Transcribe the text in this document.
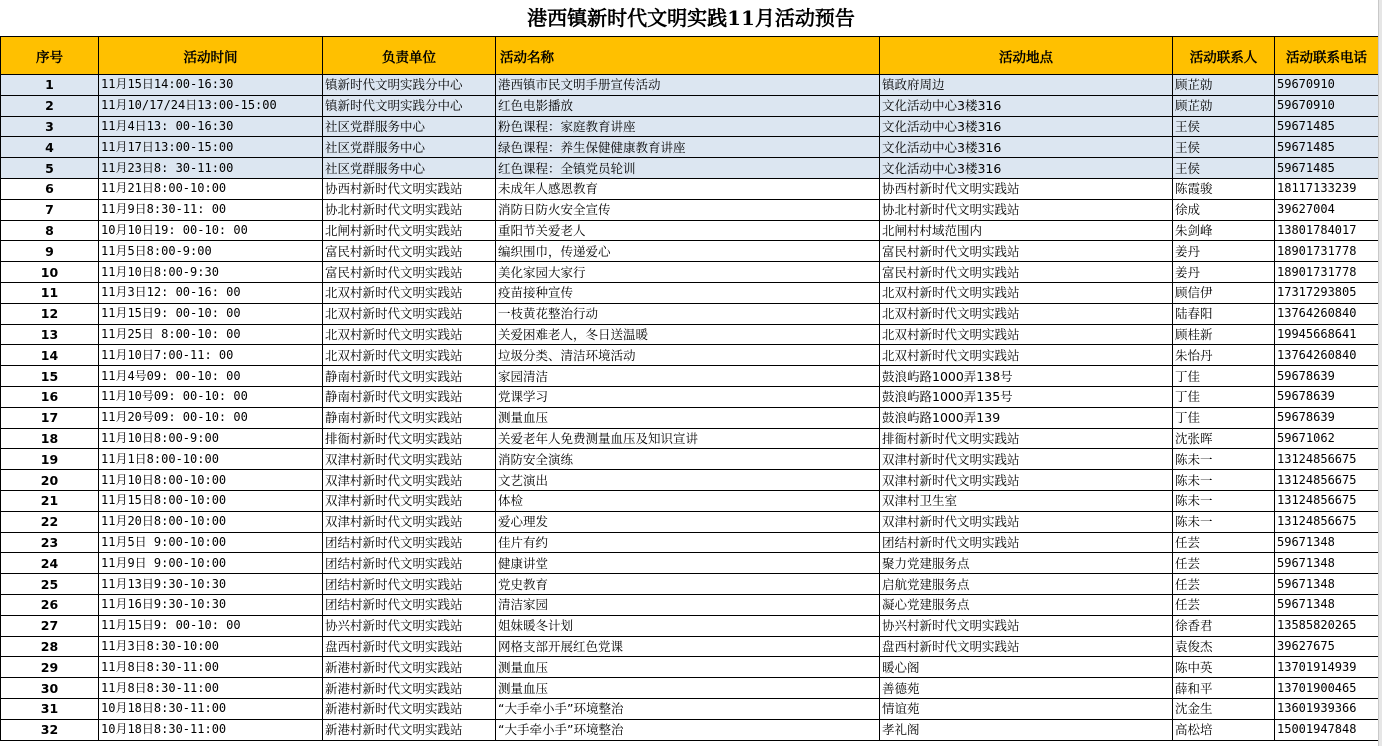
港西镇新时代文明实践11月活动预告
序号	活动时间	负责单位	活动名称	活动地点	活动联系人	活动联系电话
1	11月15日14:00-16:30	镇新时代文明实践分中心	港西镇市民文明手册宣传活动	镇政府周边	顾芷勍	59670910
2	11月10/17/24日13:00-15:00	镇新时代文明实践分中心	红色电影播放	文化活动中心3楼316	顾芷勍	59670910
3	11月4日13: 00-16:30	社区党群服务中心	粉色课程：家庭教育讲座	文化活动中心3楼316	王侯	59671485
4	11月17日13:00-15:00	社区党群服务中心	绿色课程：养生保健健康教育讲座	文化活动中心3楼316	王侯	59671485
5	11月23日8: 30-11:00	社区党群服务中心	红色课程：全镇党员轮训	文化活动中心3楼316	王侯	59671485
6	11月21日8:00-10:00	协西村新时代文明实践站	未成年人感恩教育	协西村新时代文明实践站	陈霞骏	18117133239
7	11月9日8:30-11: 00	协北村新时代文明实践站	消防日防火安全宣传	协北村新时代文明实践站	徐成	39627004
8	10月10日19: 00-10: 00	北闸村新时代文明实践站	重阳节关爱老人	北闸村村域范围内	朱剑峰	13801784017
9	11月5日8:00-9:00	富民村新时代文明实践站	编织围巾，传递爱心	富民村新时代文明实践站	姜丹	18901731778
10	11月10日8:00-9:30	富民村新时代文明实践站	美化家园大家行	富民村新时代文明实践站	姜丹	18901731778
11	11月3日12: 00-16: 00	北双村新时代文明实践站	疫苗接种宣传	北双村新时代文明实践站	顾信伊	17317293805
12	11月15日9: 00-10: 00	北双村新时代文明实践站	一枝黄花整治行动	北双村新时代文明实践站	陆春阳	13764260840
13	11月25日 8:00-10: 00	北双村新时代文明实践站	关爱困难老人，冬日送温暖	北双村新时代文明实践站	顾桂新	19945668641
14	11月10日7:00-11: 00	北双村新时代文明实践站	垃圾分类、清洁环境活动	北双村新时代文明实践站	朱怡丹	13764260840
15	11月4号09: 00-10: 00	静南村新时代文明实践站	家园清洁	鼓浪屿路1000弄138号	丁佳	59678639
16	11月10号09: 00-10: 00	静南村新时代文明实践站	党课学习	鼓浪屿路1000弄135号	丁佳	59678639
17	11月20号09: 00-10: 00	静南村新时代文明实践站	测量血压	鼓浪屿路1000弄139	丁佳	59678639
18	11月10日8:00-9:00	排衙村新时代文明实践站	关爱老年人免费测量血压及知识宣讲	排衙村新时代文明实践站	沈张晖	59671062
19	11月1日8:00-10:00	双津村新时代文明实践站	消防安全演练	双津村新时代文明实践站	陈未一	13124856675
20	11月10日8:00-10:00	双津村新时代文明实践站	文艺演出	双津村新时代文明实践站	陈未一	13124856675
21	11月15日8:00-10:00	双津村新时代文明实践站	体检	双津村卫生室	陈未一	13124856675
22	11月20日8:00-10:00	双津村新时代文明实践站	爱心理发	双津村新时代文明实践站	陈未一	13124856675
23	11月5日 9:00-10:00	团结村新时代文明实践站	佳片有约	团结村新时代文明实践站	任芸	59671348
24	11月9日 9:00-10:00	团结村新时代文明实践站	健康讲堂	聚力党建服务点	任芸	59671348
25	11月13日9:30-10:30	团结村新时代文明实践站	党史教育	启航党建服务点	任芸	59671348
26	11月16日9:30-10:30	团结村新时代文明实践站	清洁家园	凝心党建服务点	任芸	59671348
27	11月15日9: 00-10: 00	协兴村新时代文明实践站	姐妹暖冬计划	协兴村新时代文明实践站	徐香君	13585820265
28	11月3日8:30-10:00	盘西村新时代文明实践站	网格支部开展红色党课	盘西村新时代文明实践站	袁俊杰	39627675
29	11月8日8:30-11:00	新港村新时代文明实践站	测量血压	暖心阁	陈中英	13701914939
30	11月8日8:30-11:00	新港村新时代文明实践站	测量血压	善德苑	薛和平	13701900465
31	10月18日8:30-11:00	新港村新时代文明实践站	“大手牵小手”环境整治	情谊苑	沈金生	13601939366
32	10月18日8:30-11:00	新港村新时代文明实践站	“大手牵小手”环境整治	孝礼阁	高松培	15001947848
